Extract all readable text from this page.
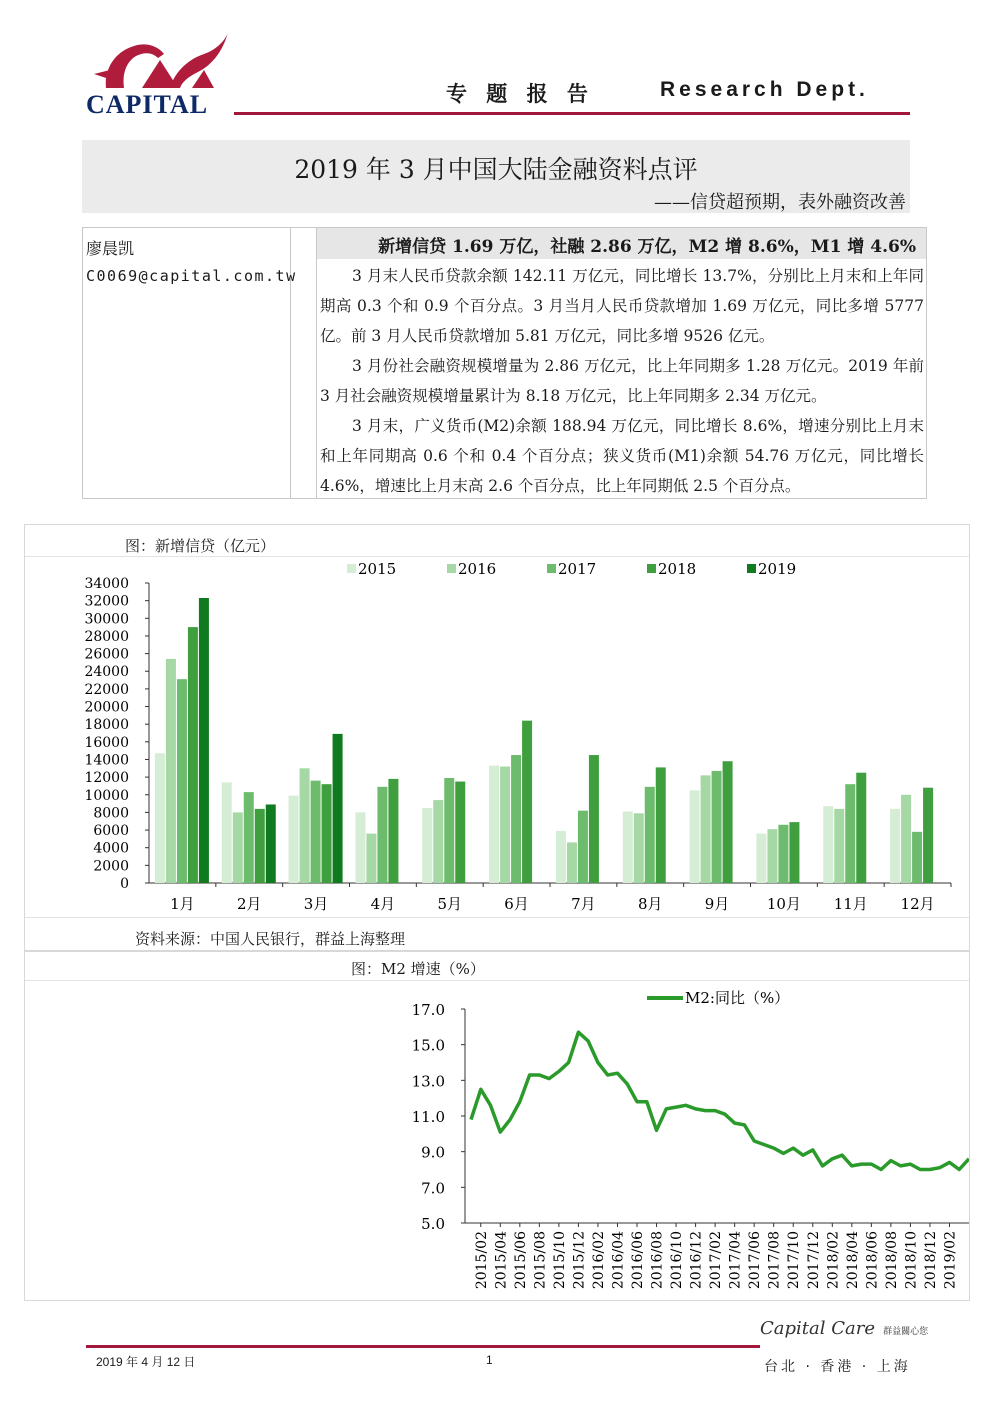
CAPITAL	专 题 报 告	Research Dept.
2019 年 3 月中国大陆金融资料点评
——信贷超预期，表外融资改善
廖晨凯
C0069@capital.com.tw
新增信贷 1.69 万亿，社融 2.86 万亿，M2 增 8.6%，M1 增 4.6%
3 月末人民币贷款余额 142.11 万亿元，同比增长 13.7%，分别比上月末和上年同期高 0.3 个和 0.9 个百分点。3 月当月人民币贷款增加 1.69 万亿元，同比多增 5777 亿。前 3 月人民币贷款增加 5.81 万亿元，同比多增 9526 亿元。
3 月份社会融资规模增量为 2.86 万亿元，比上年同期多 1.28 万亿元。2019 年前 3 月社会融资规模增量累计为 8.18 万亿元，比上年同期多 2.34 万亿元。
3 月末，广义货币(M2)余额 188.94 万亿元，同比增长 8.6%，增速分别比上月末和上年同期高 0.6 个和 0.4 个百分点；狭义货币(M1)余额 54.76 万亿元，同比增长 4.6%，增速比上月末高 2.6 个百分点，比上年同期低 2.5 个百分点。
图：新增信贷（亿元）
0
2000
4000
6000
8000
10000
12000
14000
16000
18000
20000
22000
24000
26000
28000
30000
32000
34000
1月	2月	3月	4月	5月	6月	7月	8月	9月	10月 11月 12月
2015	2016	2017	2018	2019
资料来源：中国人民银行，群益上海整理
图：M2 增速（%）
5.0
7.0
9.0
11.0
13.0
15.0
17.0
2015/02 2015/04 2015/06 2015/08 2015/10 2015/12 2016/02 2016/04 2016/06 2016/08 2016/10 2016/12 2017/02 2017/04 2017/06 2017/08 2017/10 2017/12 2018/02 2018/04 2018/06 2018/08 2018/10 2018/12 2019/02
M2:同比（%）
2019 年 4 月 12 日	1
Capital Care 群益關心您
台北 · 香港 · 上海
